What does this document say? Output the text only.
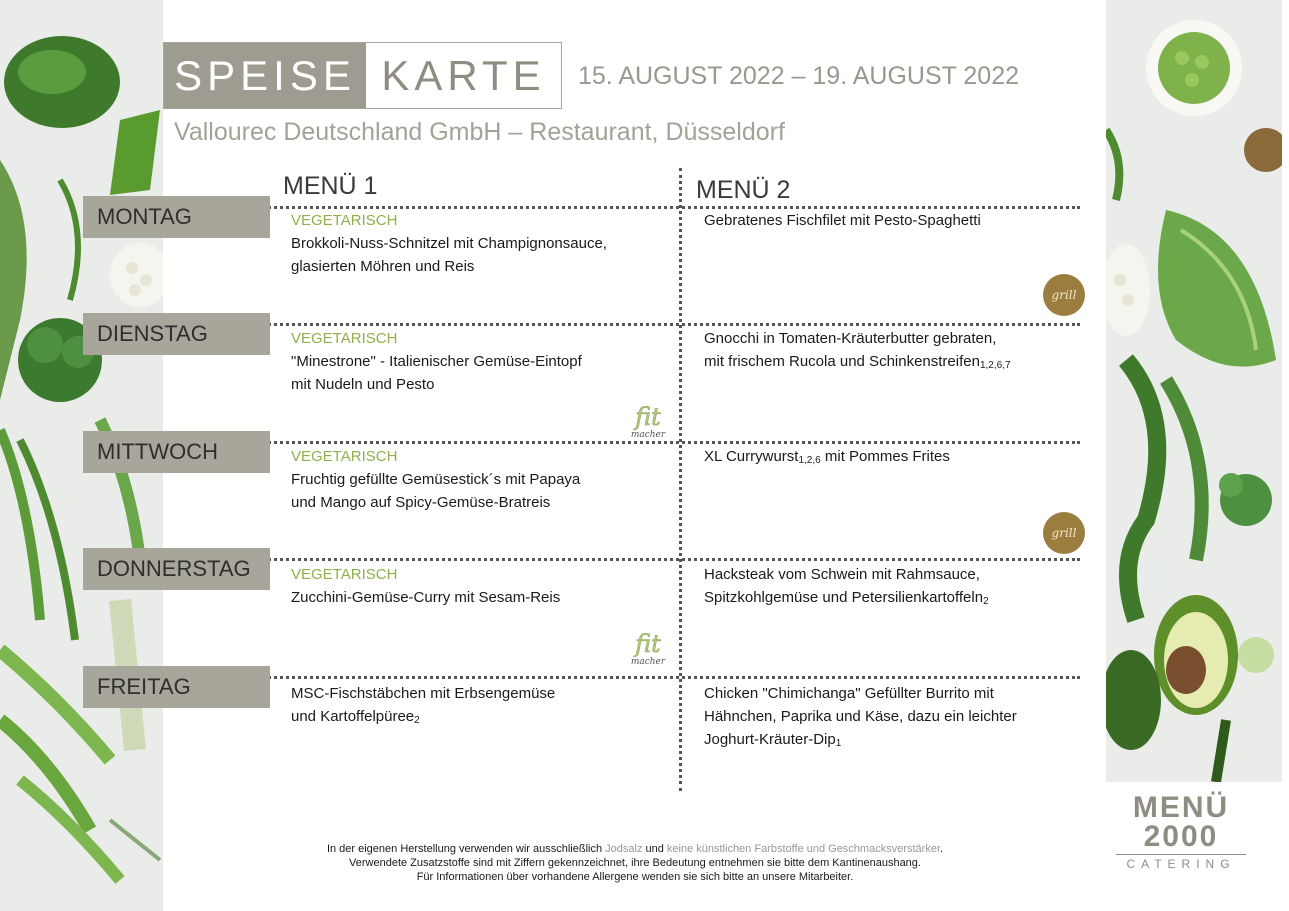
SPEISE KARTE	15. AUGUST 2022 – 19. AUGUST 2022
Vallourec Deutschland GmbH – Restaurant, Düsseldorf
MENÜ 1	MENÜ 2
MONTAG
DIENSTAG
MITTWOCH
DONNERSTAG
FREITAG
VEGETARISCH
Brokkoli-Nuss-Schnitzel mit Champignonsauce,
glasierten Möhren und Reis
Gebratenes Fischfilet mit Pesto-Spaghetti
grill
VEGETARISCH
"Minestrone" - Italienischer Gemüse-Eintopf
mit Nudeln und Pesto
Gnocchi in Tomaten-Kräuterbutter gebraten,
mit frischem Rucola und Schinkenstreifen$_{1,2,6,7}$
fit
macher
VEGETARISCH
Fruchtig gefüllte Gemüsestick´s mit Papaya
und Mango auf Spicy-Gemüse-Bratreis
XL Currywurst$_{1,2,6}$ mit Pommes Frites
grill
VEGETARISCH
Zucchini-Gemüse-Curry mit Sesam-Reis
Hacksteak vom Schwein mit Rahmsauce,
Spitzkohlgemüse und Petersilienkartoffeln$_2$
fit
macher
MSC-Fischstäbchen mit Erbsengemüse
und Kartoffelpüree$_2$
Chicken "Chimichanga" Gefüllter Burrito mit
Hähnchen, Paprika und Käse, dazu ein leichter
Joghurt-Kräuter-Dip$_1$
In der eigenen Herstellung verwenden wir ausschließlich Jodsalz und keine künstlichen Farbstoffe und Geschmacksverstärker.
Verwendete Zusatzstoffe sind mit Ziffern gekennzeichnet, ihre Bedeutung entnehmen sie bitte dem Kantinenaushang.
Für Informationen über vorhandene Allergene wenden sie sich bitte an unsere Mitarbeiter.
MENÜ
2000
CATERING
